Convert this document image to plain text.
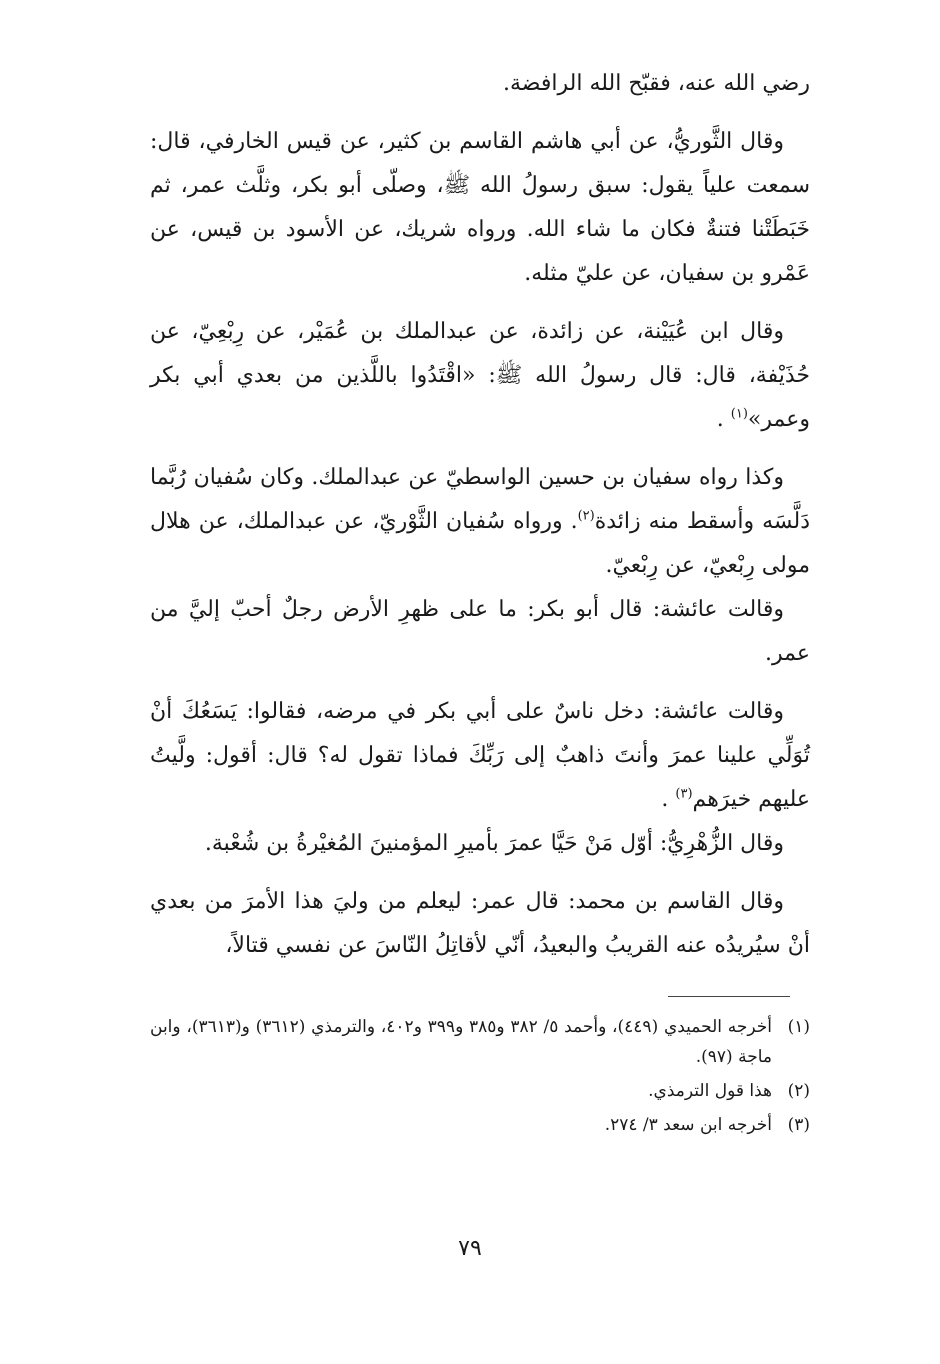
رضي الله عنه، فقبّح الله الرافضة.

وقال الثَّوريُّ، عن أبي هاشم القاسم بن كثير، عن قيس الخارفي، قال: سمعت علياً يقول: سبق رسولُ الله ﷺ، وصلّى أبو بكر، وثلَّث عمر، ثم خَبَطَتْنا فتنةٌ فكان ما شاء الله. ورواه شريك، عن الأسود بن قيس، عن عَمْرو بن سفيان، عن عليّ مثله.

وقال ابن عُيَيْنة، عن زائدة، عن عبدالملك بن عُمَيْر، عن رِبْعِيّ، عن حُذَيْفة، قال: قال رسولُ الله ﷺ: «اقْتَدُوا باللَّذين من بعدي أبي بكر وعمر»$^{(١)}$ .

وكذا رواه سفيان بن حسين الواسطيّ عن عبدالملك. وكان سُفيان رُبَّما دَلَّسَه وأسقط منه زائدة$^{(٢)}$. ورواه سُفيان الثَّوْريّ، عن عبدالملك، عن هلال مولى رِبْعيّ، عن رِبْعيّ.

وقالت عائشة: قال أبو بكر: ما على ظهرِ الأرض رجلٌ أحبّ إليَّ من عمر.

وقالت عائشة: دخل ناسٌ على أبي بكر في مرضه، فقالوا: يَسَعُكَ أنْ تُوَلِّي علينا عمرَ وأنتَ ذاهبٌ إلى رَبِّكَ فماذا تقول له؟ قال: أقول: ولَّيتُ عليهم خيرَهم$^{(٣)}$ .

وقال الزُّهْرِيُّ: أوّل مَنْ حَيَّا عمرَ بأميرِ المؤمنينَ المُغيْرةُ بن شُعْبة.

وقال القاسم بن محمد: قال عمر: ليعلم من وليَ هذا الأمرَ من بعدي أنْ سيُريدُه عنه القريبُ والبعيدُ، أنّي لأقاتِلُ النّاسَ عن نفسي قتالاً،

(١)
أخرجه الحميدي (٤٤٩)، وأحمد ٥/ ٣٨٢ و٣٨٥ و٣٩٩ و٤٠٢، والترمذي (٣٦١٢) و(٣٦١٣)، وابن ماجة (٩٧).
(٢)
هذا قول الترمذي.
(٣)
أخرجه ابن سعد ٣/ ٢٧٤.
٧٩
